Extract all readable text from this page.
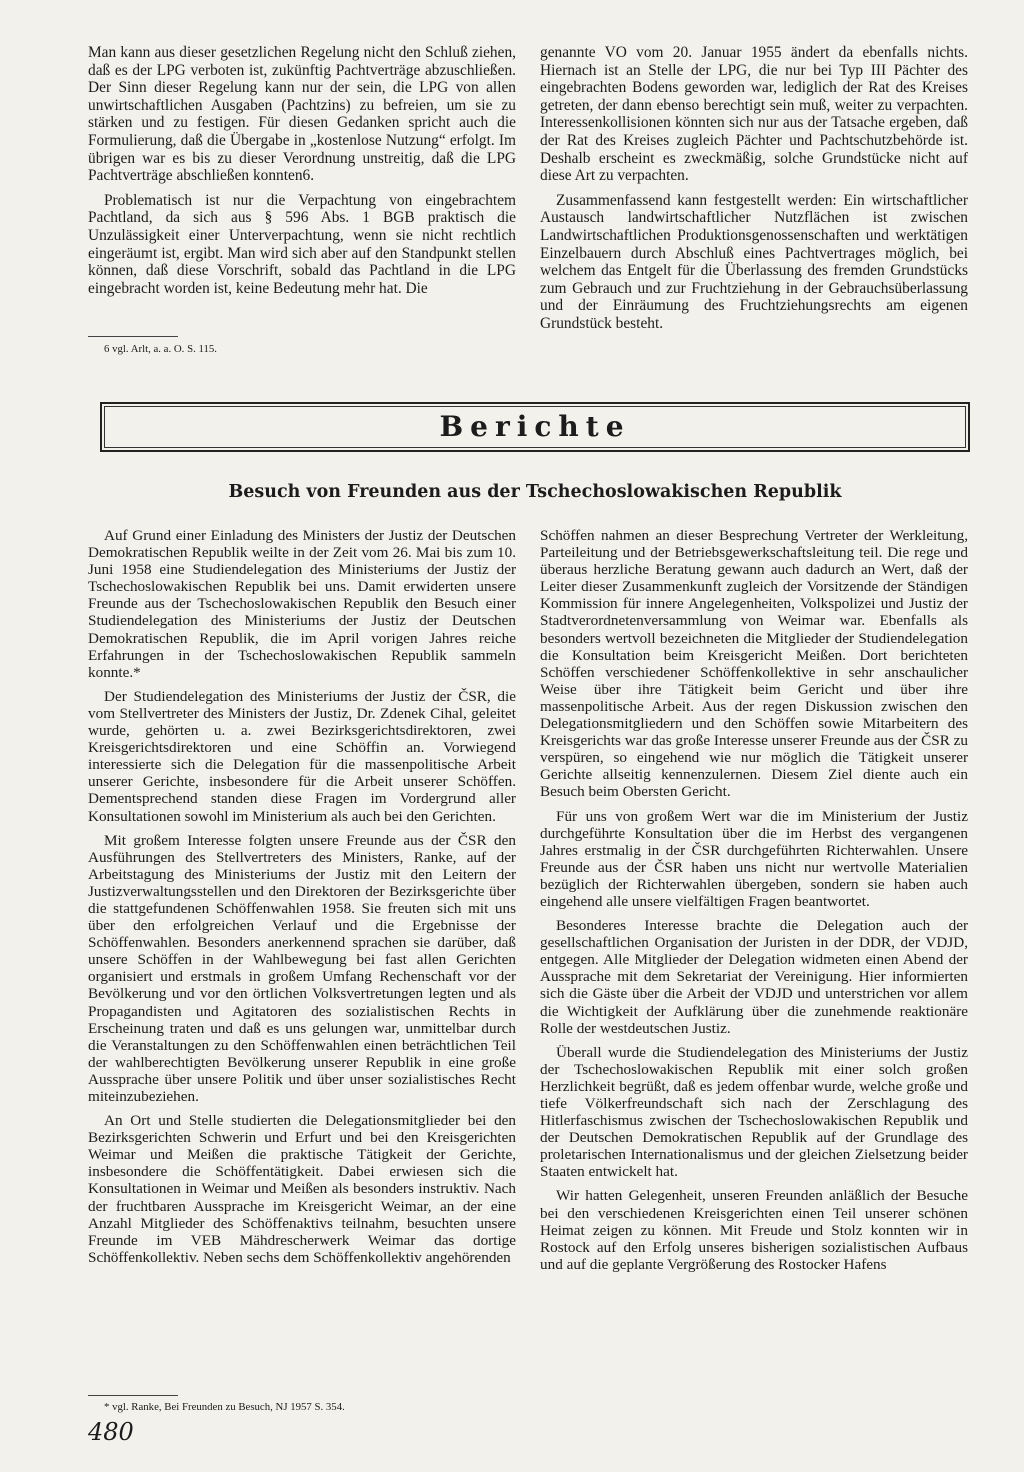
Man kann aus dieser gesetzlichen Regelung nicht den Schluß ziehen, daß es der LPG verboten ist, zukünftig Pachtverträge abzuschließen. Der Sinn dieser Regelung kann nur der sein, die LPG von allen unwirtschaftlichen Ausgaben (Pachtzins) zu befreien, um sie zu stärken und zu festigen. Für diesen Gedanken spricht auch die Formulierung, daß die Übergabe in „kostenlose Nutzung“ erfolgt. Im übrigen war es bis zu dieser Verordnung unstreitig, daß die LPG Pachtverträge abschließen konnten6.

Problematisch ist nur die Verpachtung von eingebrachtem Pachtland, da sich aus § 596 Abs. 1 BGB praktisch die Unzulässigkeit einer Unterverpachtung, wenn sie nicht rechtlich eingeräumt ist, ergibt. Man wird sich aber auf den Standpunkt stellen können, daß diese Vorschrift, sobald das Pachtland in die LPG eingebracht worden ist, keine Bedeutung mehr hat. Die

genannte VO vom 20. Januar 1955 ändert da ebenfalls nichts. Hiernach ist an Stelle der LPG, die nur bei Typ III Pächter des eingebrachten Bodens geworden war, lediglich der Rat des Kreises getreten, der dann ebenso berechtigt sein muß, weiter zu verpachten. Interessenkollisionen könnten sich nur aus der Tatsache ergeben, daß der Rat des Kreises zugleich Pächter und Pachtschutzbehörde ist. Deshalb erscheint es zweckmäßig, solche Grundstücke nicht auf diese Art zu verpachten.

Zusammenfassend kann festgestellt werden: Ein wirtschaftlicher Austausch landwirtschaftlicher Nutzflächen ist zwischen Landwirtschaftlichen Produktionsgenossenschaften und werktätigen Einzelbauern durch Abschluß eines Pachtvertrages möglich, bei welchem das Entgelt für die Überlassung des fremden Grundstücks zum Gebrauch und zur Fruchtziehung in der Gebrauchsüberlassung und der Einräumung des Fruchtziehungsrechts am eigenen Grundstück besteht.

6 vgl. Arlt, a. a. O. S. 115.
Berichte
Besuch von Freunden aus der Tschechoslowakischen Republik

Auf Grund einer Einladung des Ministers der Justiz der Deutschen Demokratischen Republik weilte in der Zeit vom 26. Mai bis zum 10. Juni 1958 eine Studiendelegation des Ministeriums der Justiz der Tschechoslowakischen Republik bei uns. Damit erwiderten unsere Freunde aus der Tschechoslowakischen Republik den Besuch einer Studiendelegation des Ministeriums der Justiz der Deutschen Demokratischen Republik, die im April vorigen Jahres reiche Erfahrungen in der Tschechoslowakischen Republik sammeln konnte.*

Der Studiendelegation des Ministeriums der Justiz der ČSR, die vom Stellvertreter des Ministers der Justiz, Dr. Zdenek Cihal, geleitet wurde, gehörten u. a. zwei Bezirksgerichtsdirektoren, zwei Kreisgerichtsdirektoren und eine Schöffin an. Vorwiegend interessierte sich die Delegation für die massenpolitische Arbeit unserer Gerichte, insbesondere für die Arbeit unserer Schöffen. Dementsprechend standen diese Fragen im Vordergrund aller Konsultationen sowohl im Ministerium als auch bei den Gerichten.

Mit großem Interesse folgten unsere Freunde aus der ČSR den Ausführungen des Stellvertreters des Ministers, Ranke, auf der Arbeitstagung des Ministeriums der Justiz mit den Leitern der Justizverwaltungsstellen und den Direktoren der Bezirksgerichte über die stattgefundenen Schöffenwahlen 1958. Sie freuten sich mit uns über den erfolgreichen Verlauf und die Ergebnisse der Schöffenwahlen. Besonders anerkennend sprachen sie darüber, daß unsere Schöffen in der Wahlbewegung bei fast allen Gerichten organisiert und erstmals in großem Umfang Rechenschaft vor der Bevölkerung und vor den örtlichen Volksvertretungen legten und als Propagandisten und Agitatoren des sozialistischen Rechts in Erscheinung traten und daß es uns gelungen war, unmittelbar durch die Veranstaltungen zu den Schöffenwahlen einen beträchtlichen Teil der wahlberechtigten Bevölkerung unserer Republik in eine große Aussprache über unsere Politik und über unser sozialistisches Recht miteinzubeziehen.

An Ort und Stelle studierten die Delegationsmitglieder bei den Bezirksgerichten Schwerin und Erfurt und bei den Kreisgerichten Weimar und Meißen die praktische Tätigkeit der Gerichte, insbesondere die Schöffentätigkeit. Dabei erwiesen sich die Konsultationen in Weimar und Meißen als besonders instruktiv. Nach der fruchtbaren Aussprache im Kreisgericht Weimar, an der eine Anzahl Mitglieder des Schöffenaktivs teilnahm, besuchten unsere Freunde im VEB Mähdrescherwerk Weimar das dortige Schöffenkollektiv. Neben sechs dem Schöffenkollektiv angehörenden

Schöffen nahmen an dieser Besprechung Vertreter der Werkleitung, Parteileitung und der Betriebsgewerkschaftsleitung teil. Die rege und überaus herzliche Beratung gewann auch dadurch an Wert, daß der Leiter dieser Zusammenkunft zugleich der Vorsitzende der Ständigen Kommission für innere Angelegenheiten, Volkspolizei und Justiz der Stadtverordnetenversammlung von Weimar war. Ebenfalls als besonders wertvoll bezeichneten die Mitglieder der Studiendelegation die Konsultation beim Kreisgericht Meißen. Dort berichteten Schöffen verschiedener Schöffenkollektive in sehr anschaulicher Weise über ihre Tätigkeit beim Gericht und über ihre massenpolitische Arbeit. Aus der regen Diskussion zwischen den Delegationsmitgliedern und den Schöffen sowie Mitarbeitern des Kreisgerichts war das große Interesse unserer Freunde aus der ČSR zu verspüren, so eingehend wie nur möglich die Tätigkeit unserer Gerichte allseitig kennenzulernen. Diesem Ziel diente auch ein Besuch beim Obersten Gericht.

Für uns von großem Wert war die im Ministerium der Justiz durchgeführte Konsultation über die im Herbst des vergangenen Jahres erstmalig in der ČSR durchgeführten Richterwahlen. Unsere Freunde aus der ČSR haben uns nicht nur wertvolle Materialien bezüglich der Richterwahlen übergeben, sondern sie haben auch eingehend alle unsere vielfältigen Fragen beantwortet.

Besonderes Interesse brachte die Delegation auch der gesellschaftlichen Organisation der Juristen in der DDR, der VDJD, entgegen. Alle Mitglieder der Delegation widmeten einen Abend der Aussprache mit dem Sekretariat der Vereinigung. Hier informierten sich die Gäste über die Arbeit der VDJD und unterstrichen vor allem die Wichtigkeit der Aufklärung über die zunehmende reaktionäre Rolle der westdeutschen Justiz.

Überall wurde die Studiendelegation des Ministeriums der Justiz der Tschechoslowakischen Republik mit einer solch großen Herzlichkeit begrüßt, daß es jedem offenbar wurde, welche große und tiefe Völkerfreundschaft sich nach der Zerschlagung des Hitlerfaschismus zwischen der Tschechoslowakischen Republik und der Deutschen Demokratischen Republik auf der Grundlage des proletarischen Internationalismus und der gleichen Zielsetzung beider Staaten entwickelt hat.

Wir hatten Gelegenheit, unseren Freunden anläßlich der Besuche bei den verschiedenen Kreisgerichten einen Teil unserer schönen Heimat zeigen zu können. Mit Freude und Stolz konnten wir in Rostock auf den Erfolg unseres bisherigen sozialistischen Aufbaus und auf die geplante Vergrößerung des Rostocker Hafens

* vgl. Ranke, Bei Freunden zu Besuch, NJ 1957 S. 354.
480
